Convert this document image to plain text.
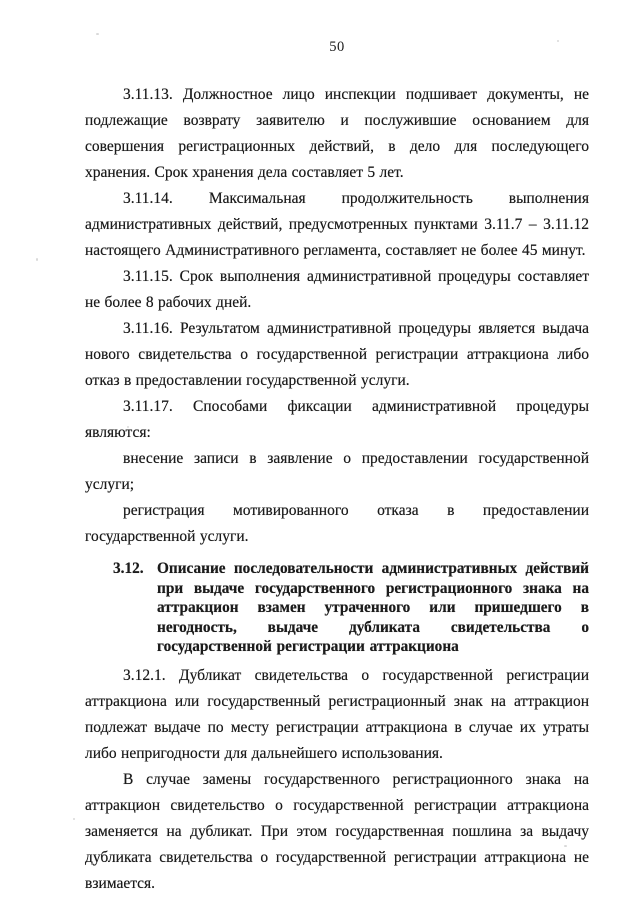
50

3.11.13. Должностное лицо инспекции подшивает документы, не подлежащие возврату заявителю и послужившие основанием для совершения регистрационных действий, в дело для последующего хранения. Срок хранения дела составляет 5 лет.

3.11.14. Максимальная продолжительность выполнения административных действий, предусмотренных пунктами 3.11.7 – 3.11.12 настоящего Административного регламента, составляет не более 45 минут.

3.11.15. Срок выполнения административной процедуры составляет не более 8 рабочих дней.

3.11.16. Результатом административной процедуры является выдача нового свидетельства о государственной регистрации аттракциона либо отказ в предоставлении государственной услуги.

3.11.17. Способами фиксации административной процедуры являются:

внесение записи в заявление о предоставлении государственной услуги;

регистрация мотивированного отказа в предоставлении государственной услуги.

3.12. Описание последовательности административных действий при выдаче государственного регистрационного знака на аттракцион взамен утраченного или пришедшего в негодность, выдаче дубликата свидетельства о государственной регистрации аттракциона

3.12.1. Дубликат свидетельства о государственной регистрации аттракциона или государственный регистрационный знак на аттракцион подлежат выдаче по месту регистрации аттракциона в случае их утраты либо непригодности для дальнейшего использования.

В случае замены государственного регистрационного знака на аттракцион свидетельство о государственной регистрации аттракциона заменяется на дубликат. При этом государственная пошлина за выдачу дубликата свидетельства о государственной регистрации аттракциона не взимается.
